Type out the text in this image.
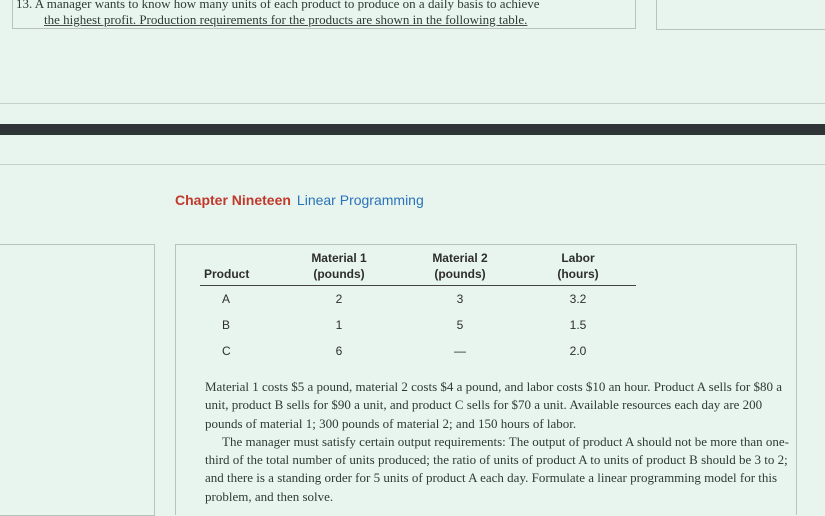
13. A manager wants to know how many units of each product to produce on a daily basis to achieve
the highest profit. Production requirements for the products are shown in the following table.
Chapter Nineteen Linear Programming
	Material 1	Material 2	Labor
Product	(pounds)	(pounds)	(hours)
A	2	3	3.2
B	1	5	1.5
C	6	—	2.0

Material 1 costs $5 a pound, material 2 costs $4 a pound, and labor costs $10 an hour. Product A sells for $80 a unit, product B sells for $90 a unit, and product C sells for $70 a unit. Available resources each day are 200 pounds of material 1; 300 pounds of material 2; and 150 hours of labor.

The manager must satisfy certain output requirements: The output of product A should not be more than one-third of the total number of units produced; the ratio of units of product A to units of product B should be 3 to 2; and there is a standing order for 5 units of product A each day. Formulate a linear programming model for this problem, and then solve.
